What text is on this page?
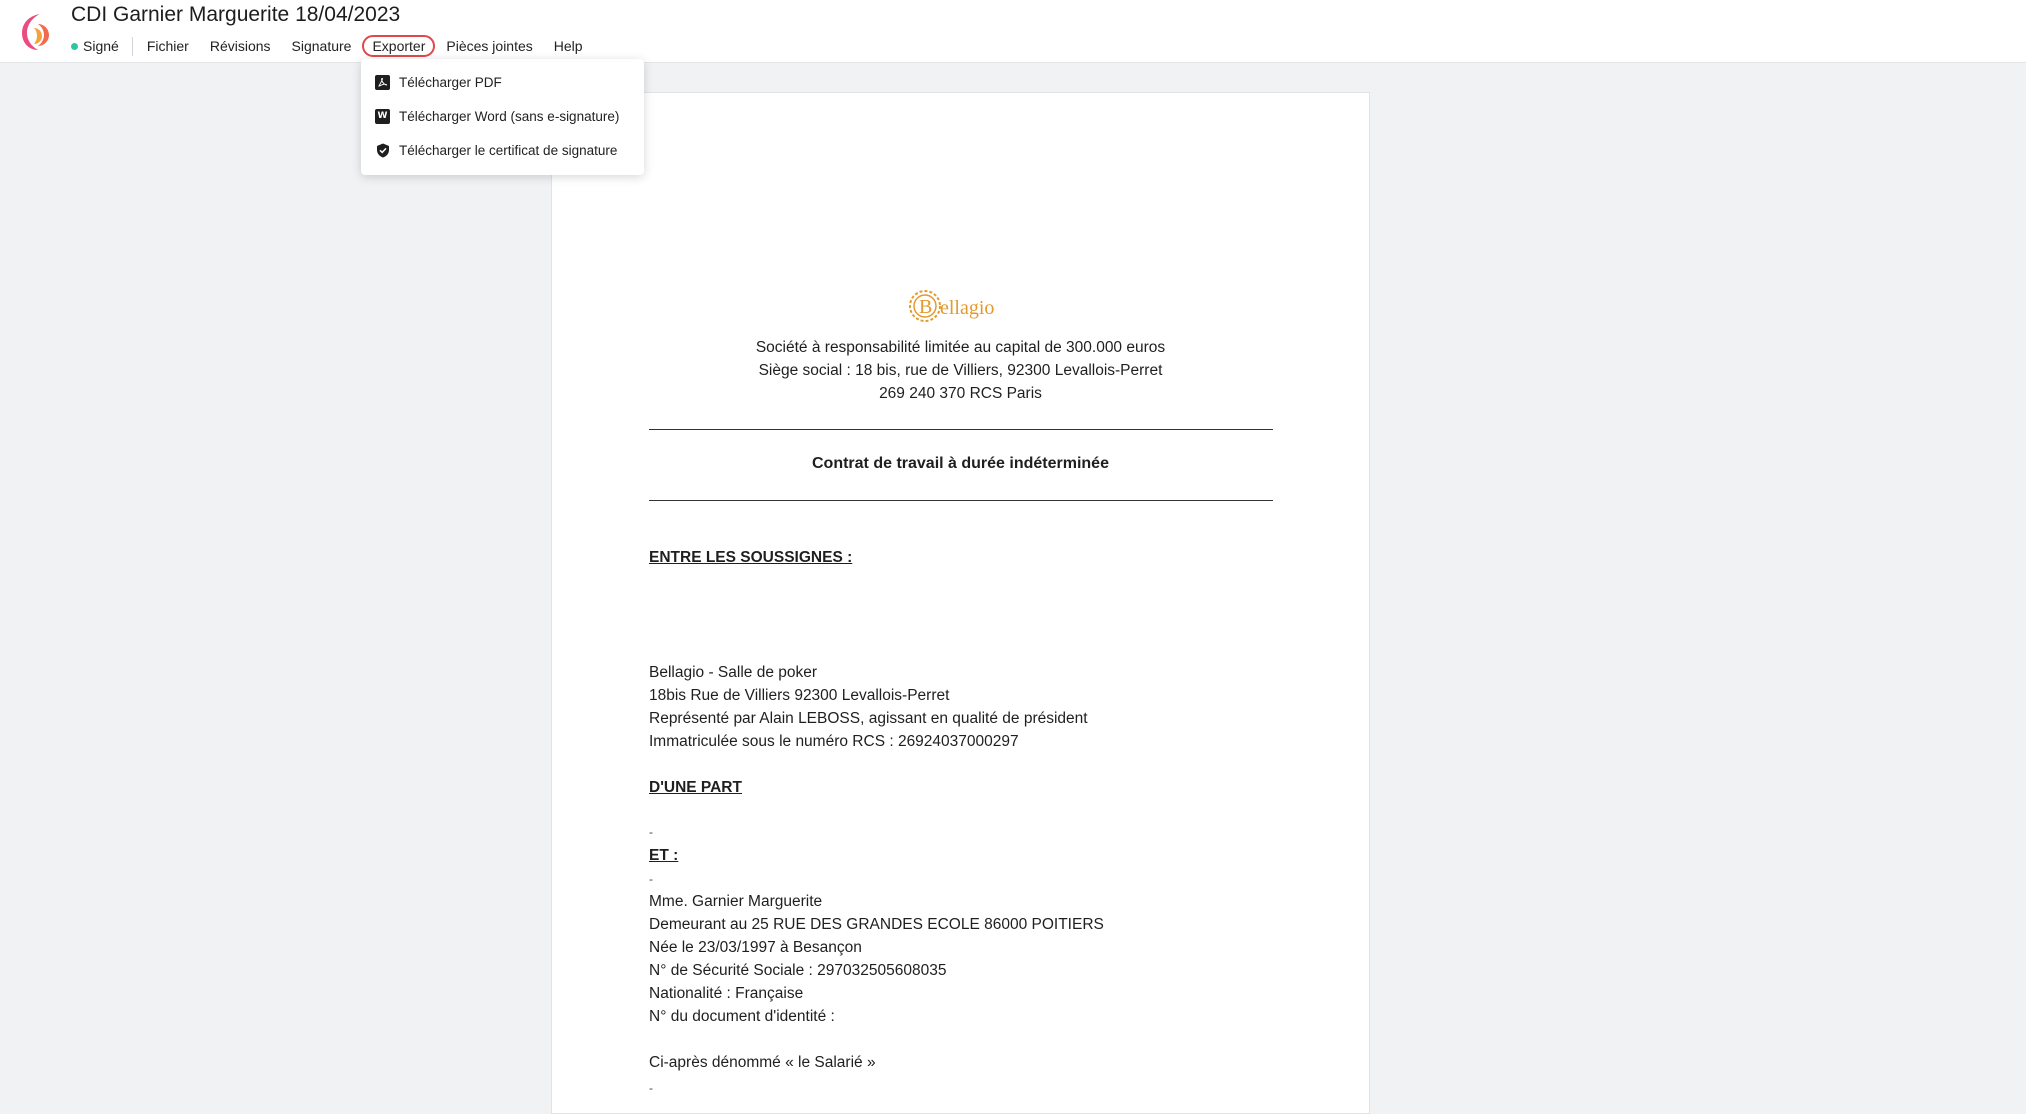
CDI Garnier Marguerite 18/04/2023
Signé Fichier Révisions Signature	Exporter	Pièces jointes Help
Télécharger PDF
W Télécharger Word (sans e-signature)
Télécharger le certificat de signature
B ellagio
Société à responsabilité limitée au capital de 300.000 euros
Siège social : 18 bis, rue de Villiers, 92300 Levallois-Perret
269 240 370 RCS Paris
Contrat de travail à durée indéterminée
ENTRE LES SOUSSIGNES :
Bellagio - Salle de poker
18bis Rue de Villiers 92300 Levallois-Perret
Représenté par Alain LEBOSS, agissant en qualité de président
Immatriculée sous le numéro RCS : 26924037000297
D'UNE PART
-
ET :
-
Mme. Garnier Marguerite
Demeurant au 25 RUE DES GRANDES ECOLE 86000 POITIERS
Née le 23/03/1997 à Besançon
N° de Sécurité Sociale : 297032505608035
Nationalité : Française
N° du document d'identité :
Ci-après dénommé « le Salarié »
-
